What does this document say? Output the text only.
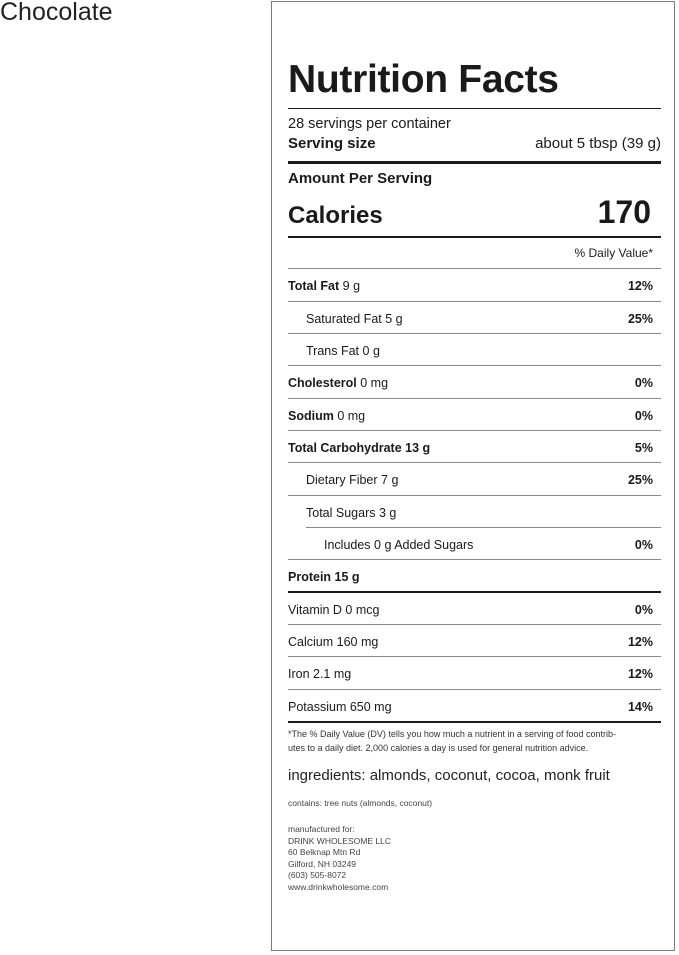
Chocolate
Nutrition Facts
28 servings per container
Serving size	about 5 tbsp (39 g)
Amount Per Serving
Calories	170
% Daily Value*
Total Fat 9 g	12%
Saturated Fat 5 g	25%
Trans Fat 0 g
Cholesterol 0 mg	0%
Sodium 0 mg	0%
Total Carbohydrate 13 g	5%
Dietary Fiber 7 g	25%
Total Sugars 3 g
Includes 0 g Added Sugars	0%
Protein 15 g
Vitamin D 0 mcg	0%
Calcium 160 mg	12%
Iron 2.1 mg	12%
Potassium 650 mg	14%
*The % Daily Value (DV) tells you how much a nutrient in a serving of food contrib-
utes to a daily diet. 2,000 calories a day is used for general nutrition advice.
ingredients: almonds, coconut, cocoa, monk fruit
contains: tree nuts (almonds, coconut)
manufactured for:
DRINK WHOLESOME LLC
60 Belknap Mtn Rd
Gilford, NH 03249
(603) 505-8072
www.drinkwholesome.com
